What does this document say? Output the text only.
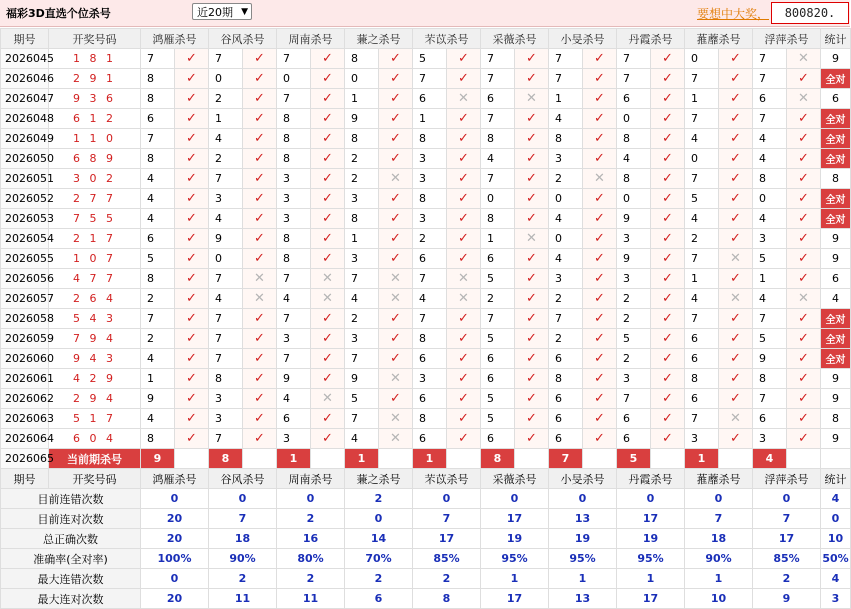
福彩3D直选个位杀号	近20期 ▼	要想中大奖，	800820.
期号	开奖号码	鸿雁杀号		谷风杀号		周南杀号		蒹之杀号		芣苡杀号		采薇杀号		小旻杀号		丹霞杀号		蓷蘼杀号		浮萍杀号		统计
2026045	1 8 1	7	✓	7	✓	7	✓	8	✓	5	✓	7	✓	7	✓	7	✓	0	✓	7	✕	9
2026046	2 9 1	8	✓	0	✓	0	✓	0	✓	7	✓	7	✓	7	✓	7	✓	7	✓	7	✓	全对
2026047	9 3 6	8	✓	2	✓	7	✓	1	✓	6	✕	6	✕	1	✓	6	✓	1	✓	6	✕	6
2026048	6 1 2	6	✓	1	✓	8	✓	9	✓	1	✓	7	✓	4	✓	0	✓	7	✓	7	✓	全对
2026049	1 1 0	7	✓	4	✓	8	✓	8	✓	8	✓	8	✓	8	✓	8	✓	4	✓	4	✓	全对
2026050	6 8 9	8	✓	2	✓	8	✓	2	✓	3	✓	4	✓	3	✓	4	✓	0	✓	4	✓	全对
2026051	3 0 2	4	✓	7	✓	3	✓	2	✕	3	✓	7	✓	2	✕	8	✓	7	✓	8	✓	8
2026052	2 7 7	4	✓	3	✓	3	✓	3	✓	8	✓	0	✓	0	✓	0	✓	5	✓	0	✓	全对
2026053	7 5 5	4	✓	4	✓	3	✓	8	✓	3	✓	8	✓	4	✓	9	✓	4	✓	4	✓	全对
2026054	2 1 7	6	✓	9	✓	8	✓	1	✓	2	✓	1	✕	0	✓	3	✓	2	✓	3	✓	9
2026055	1 0 7	5	✓	0	✓	8	✓	3	✓	6	✓	6	✓	4	✓	9	✓	7	✕	5	✓	9
2026056	4 7 7	8	✓	7	✕	7	✕	7	✕	7	✕	5	✓	3	✓	3	✓	1	✓	1	✓	6
2026057	2 6 4	2	✓	4	✕	4	✕	4	✕	4	✕	2	✓	2	✓	2	✓	4	✕	4	✕	4
2026058	5 4 3	7	✓	7	✓	7	✓	2	✓	7	✓	7	✓	7	✓	2	✓	7	✓	7	✓	全对
2026059	7 9 4	2	✓	7	✓	3	✓	3	✓	8	✓	5	✓	2	✓	5	✓	6	✓	5	✓	全对
2026060	9 4 3	4	✓	7	✓	7	✓	7	✓	6	✓	6	✓	6	✓	2	✓	6	✓	9	✓	全对
2026061	4 2 9	1	✓	8	✓	9	✓	9	✕	3	✓	6	✓	8	✓	3	✓	8	✓	8	✓	9
2026062	2 9 4	9	✓	3	✓	4	✕	5	✓	6	✓	5	✓	6	✓	7	✓	6	✓	7	✓	9
2026063	5 1 7	4	✓	3	✓	6	✓	7	✕	8	✓	5	✓	6	✓	6	✓	7	✕	6	✓	8
2026064	6 0 4	8	✓	7	✓	3	✓	4	✕	6	✓	6	✓	6	✓	6	✓	3	✓	3	✓	9
2026065	当前期杀号	9		8		1		1		1		8		7		5		1		4		
期号	开奖号码	鸿雁杀号		谷风杀号		周南杀号		蒹之杀号		芣苡杀号		采薇杀号		小旻杀号		丹霞杀号		蓷蘼杀号		浮萍杀号		统计
目前连错次数		0		0		0		2		0		0		0		0		0		0		4
目前连对次数		20		7		2		0		7		17		13		17		7		7		0
总正确次数		20		18		16		14		17		19		19		19		18		17		10
准确率(全对率)		100%		90%		80%		70%		85%		95%		95%		95%		90%		85%		50%
最大连错次数		0		2		2		2		2		1		1		1		1		2		4
最大连对次数		20		11		11		6		8		17		13		17		10		9		3
